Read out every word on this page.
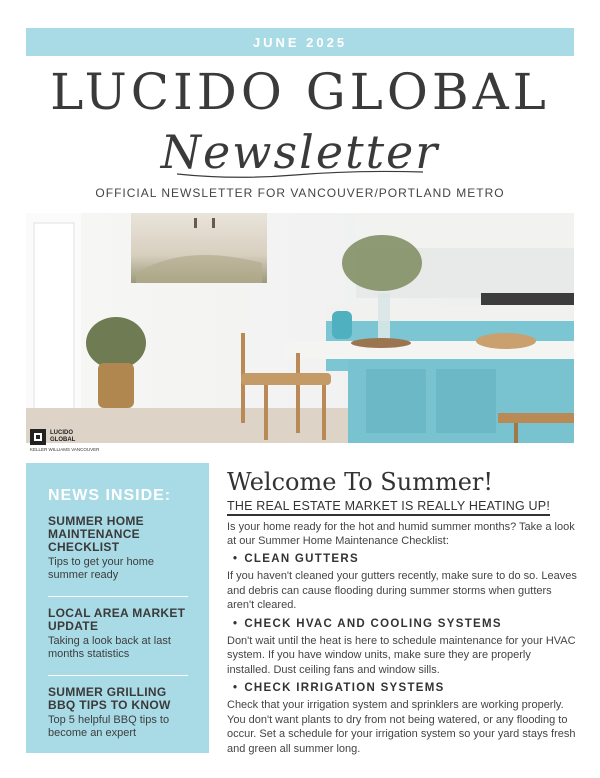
JUNE 2025
LUCIDO GLOBAL
Newsletter
OFFICIAL NEWSLETTER FOR VANCOUVER/PORTLAND METRO
LUCIDO
GLOBAL
KELLER WILLIAMS VANCOUVER
NEWS INSIDE:
SUMMER HOME MAINTENANCE CHECKLIST
Tips to get your home summer ready
LOCAL AREA MARKET UPDATE
Taking a look back at last months statistics
SUMMER GRILLING BBQ TIPS TO KNOW
Top 5 helpful BBQ tips to become an expert
Welcome To Summer!
THE REAL ESTATE MARKET IS REALLY HEATING UP!
Is your home ready for the hot and humid summer months? Take a look at our Summer Home Maintenance Checklist:
• CLEAN GUTTERS
If you haven't cleaned your gutters recently, make sure to do so. Leaves and debris can cause flooding during summer storms when gutters aren't cleared.
• CHECK HVAC AND COOLING SYSTEMS
Don't wait until the heat is here to schedule maintenance for your HVAC system. If you have window units, make sure they are properly installed. Dust ceiling fans and window sills.
• CHECK IRRIGATION SYSTEMS
Check that your irrigation system and sprinklers are working properly. You don't want plants to dry from not being watered, or any flooding to occur. Set a schedule for your irrigation system so your yard stays fresh and green all summer long.
